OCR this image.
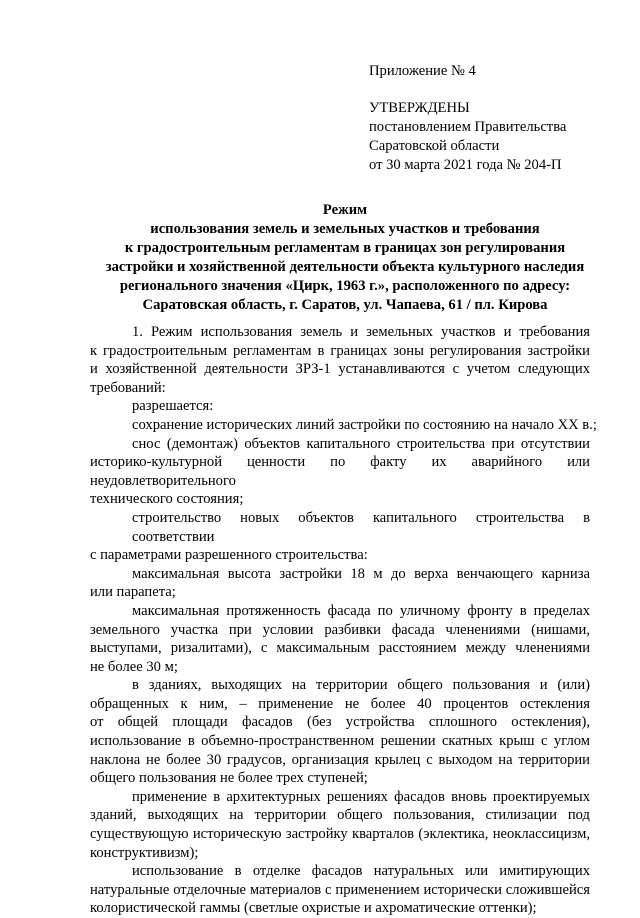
Приложение № 4
УТВЕРЖДЕНЫ
постановлением Правительства
Саратовской области
от 30 марта 2021 года № 204-П
Режим
использования земель и земельных участков и требования
к градостроительным регламентам в границах зон регулирования
застройки и хозяйственной деятельности объекта культурного наследия
регионального значения «Цирк, 1963 г.», расположенного по адресу:
Саратовская область, г. Саратов, ул. Чапаева, 61 / пл. Кирова
1. Режим использования земель и земельных участков и требования
к градостроительным регламентам в границах зоны регулирования застройки
и хозяйственной деятельности ЗРЗ-1 устанавливаются с учетом следующих
требований:
разрешается:
сохранение исторических линий застройки по состоянию на начало XX в.;
снос (демонтаж) объектов капитального строительства при отсутствии
историко-культурной ценности по факту их аварийного или неудовлетворительного
технического состояния;
строительство новых объектов капитального строительства в соответствии
с параметрами разрешенного строительства:
максимальная высота застройки 18 м до верха венчающего карниза
или парапета;
максимальная протяженность фасада по уличному фронту в пределах
земельного участка при условии разбивки фасада членениями (нишами,
выступами, ризалитами), с максимальным расстоянием между членениями
не более 30 м;
в зданиях, выходящих на территории общего пользования и (или)
обращенных к ним, – применение не более 40 процентов остекления
от общей площади фасадов (без устройства сплошного остекления),
использование в объемно-пространственном решении скатных крыш с углом
наклона не более 30 градусов, организация крылец с выходом на территории
общего пользования не более трех ступеней;
применение в архитектурных решениях фасадов вновь проектируемых
зданий, выходящих на территории общего пользования, стилизации под
существующую историческую застройку кварталов (эклектика, неоклассицизм,
конструктивизм);
использование в отделке фасадов натуральных или имитирующих
натуральные отделочные материалов с применением исторически сложившейся
колористической гаммы (светлые охристые и ахроматические оттенки);
